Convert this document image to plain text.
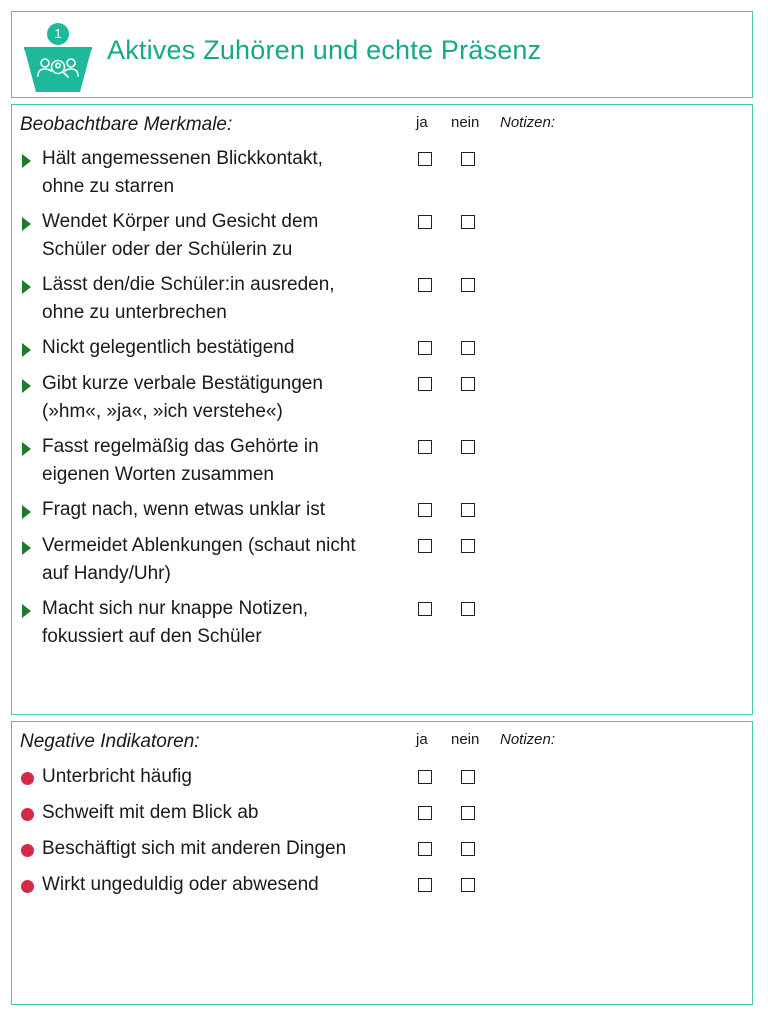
1
Aktives Zuhören und echte Präsenz
Beobachtbare Merkmale:	ja nein Notizen:
Hält angemessenen Blickkontakt,
ohne zu starren
Wendet Körper und Gesicht dem
Schüler oder der Schülerin zu
Lässt den/die Schüler:in ausreden,
ohne zu unterbrechen
Nickt gelegentlich bestätigend
Gibt kurze verbale Bestätigungen
(»hm«, »ja«, »ich verstehe«)
Fasst regelmäßig das Gehörte in
eigenen Worten zusammen
Fragt nach, wenn etwas unklar ist
Vermeidet Ablenkungen (schaut nicht
auf Handy/Uhr)
Macht sich nur knappe Notizen,
fokussiert auf den Schüler
Negative Indikatoren:	ja nein Notizen:
Unterbricht häufig
Schweift mit dem Blick ab
Beschäftigt sich mit anderen Dingen
Wirkt ungeduldig oder abwesend
